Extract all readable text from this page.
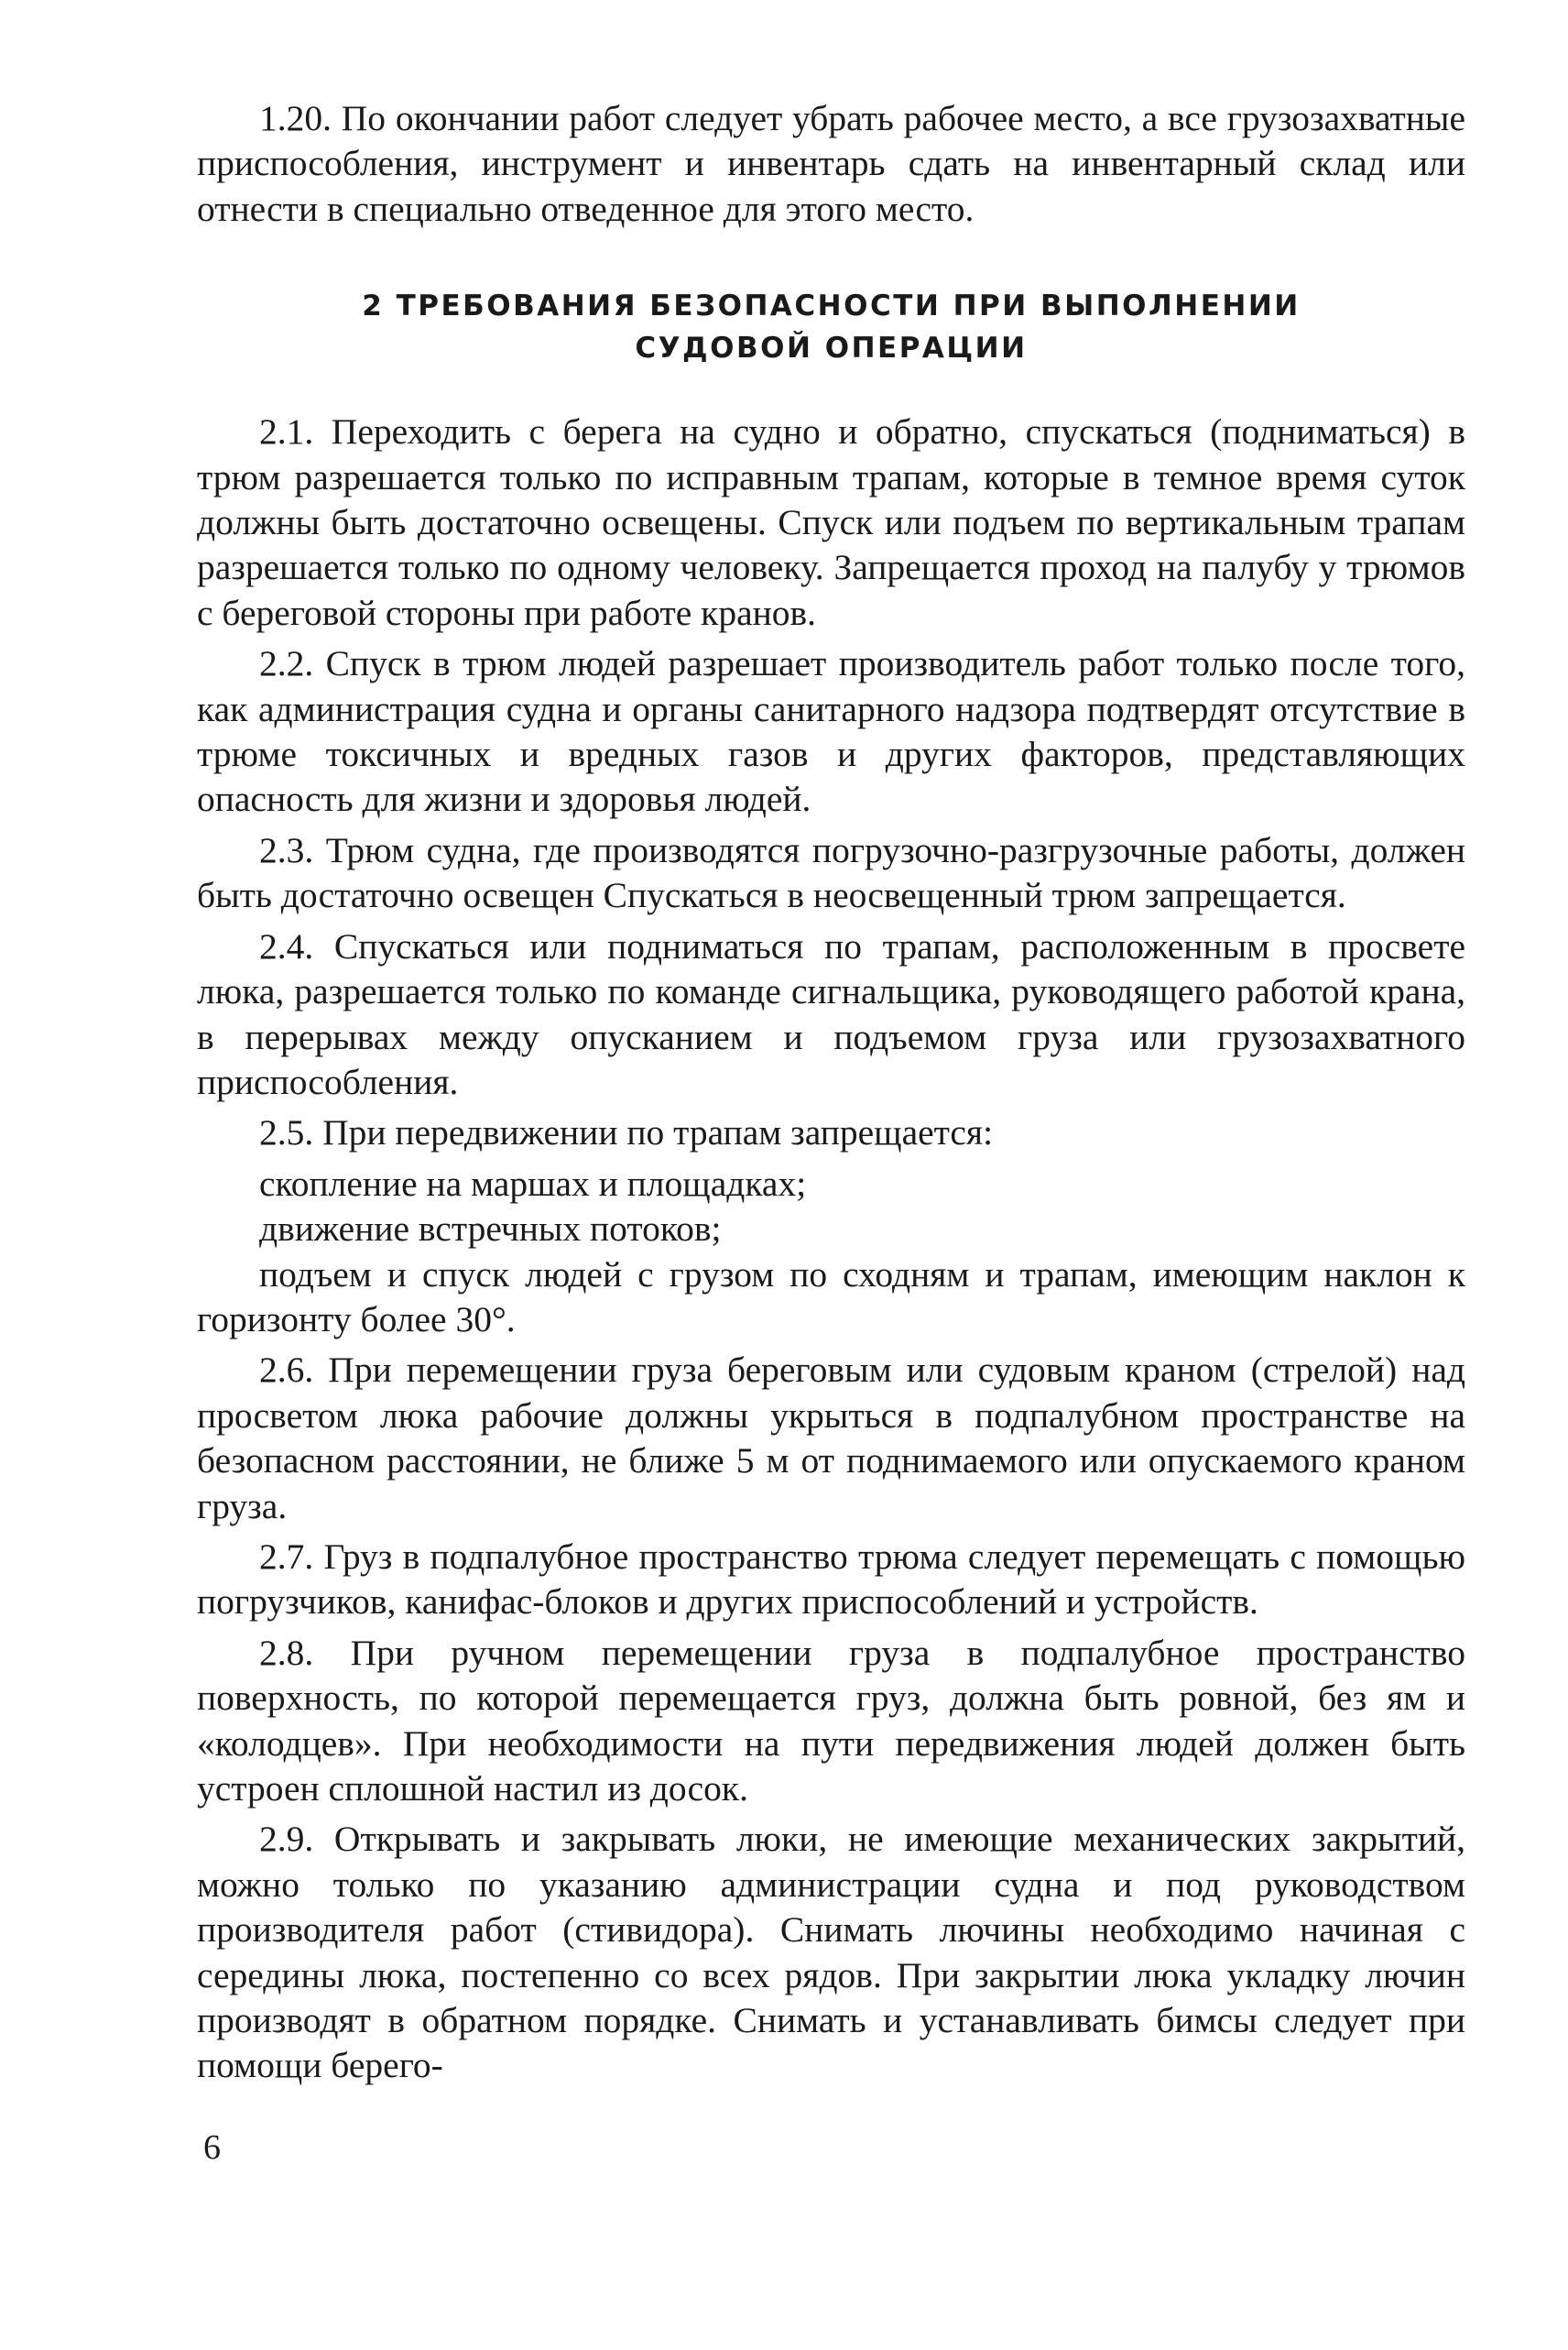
1.20. По окончании работ следует убрать рабочее место, а все грузозахватные приспособления, инструмент и инвентарь сдать на инвентарный склад или отнести в специально отведенное для этого место.

2 ТРЕБОВАНИЯ БЕЗОПАСНОСТИ ПРИ ВЫПОЛНЕНИИ
СУДОВОЙ ОПЕРАЦИИ

2.1. Переходить с берега на судно и обратно, спускаться (подниматься) в трюм разрешается только по исправным трапам, которые в темное время суток должны быть достаточно освещены. Спуск или подъем по вертикальным трапам разрешается только по одному человеку. Запрещается проход на палубу у трюмов с береговой стороны при работе кранов.

2.2. Спуск в трюм людей разрешает производитель работ только после того, как администрация судна и органы санитарного надзора подтвердят отсутствие в трюме токсичных и вредных газов и других факторов, представляющих опасность для жизни и здоровья людей.

2.3. Трюм судна, где производятся погрузочно-разгрузочные работы, должен быть достаточно освещен Спускаться в неосвещенный трюм запрещается.

2.4. Спускаться или подниматься по трапам, расположенным в просвете люка, разрешается только по команде сигнальщика, руководящего работой крана, в перерывах между опусканием и подъемом груза или грузозахватного приспособления.

2.5. При передвижении по трапам запрещается:

скопление на маршах и площадках;

движение встречных потоков;

подъем и спуск людей с грузом по сходням и трапам, имеющим наклон к горизонту более 30°.

2.6. При перемещении груза береговым или судовым краном (стрелой) над просветом люка рабочие должны укрыться в подпалубном пространстве на безопасном расстоянии, не ближе 5 м от поднимаемого или опускаемого краном груза.

2.7. Груз в подпалубное пространство трюма следует перемещать с помощью погрузчиков, канифас-блоков и других приспособлений и устройств.

2.8. При ручном перемещении груза в подпалубное пространство поверхность, по которой перемещается груз, должна быть ровной, без ям и «колодцев». При необходимости на пути передвижения людей должен быть устроен сплошной настил из досок.

2.9. Открывать и закрывать люки, не имеющие механических закрытий, можно только по указанию администрации судна и под руководством производителя работ (стивидора). Снимать лючины необходимо начиная с середины люка, постепенно со всех рядов. При закрытии люка укладку лючин производят в обратном порядке. Снимать и устанавливать бимсы следует при помощи берего-

6
